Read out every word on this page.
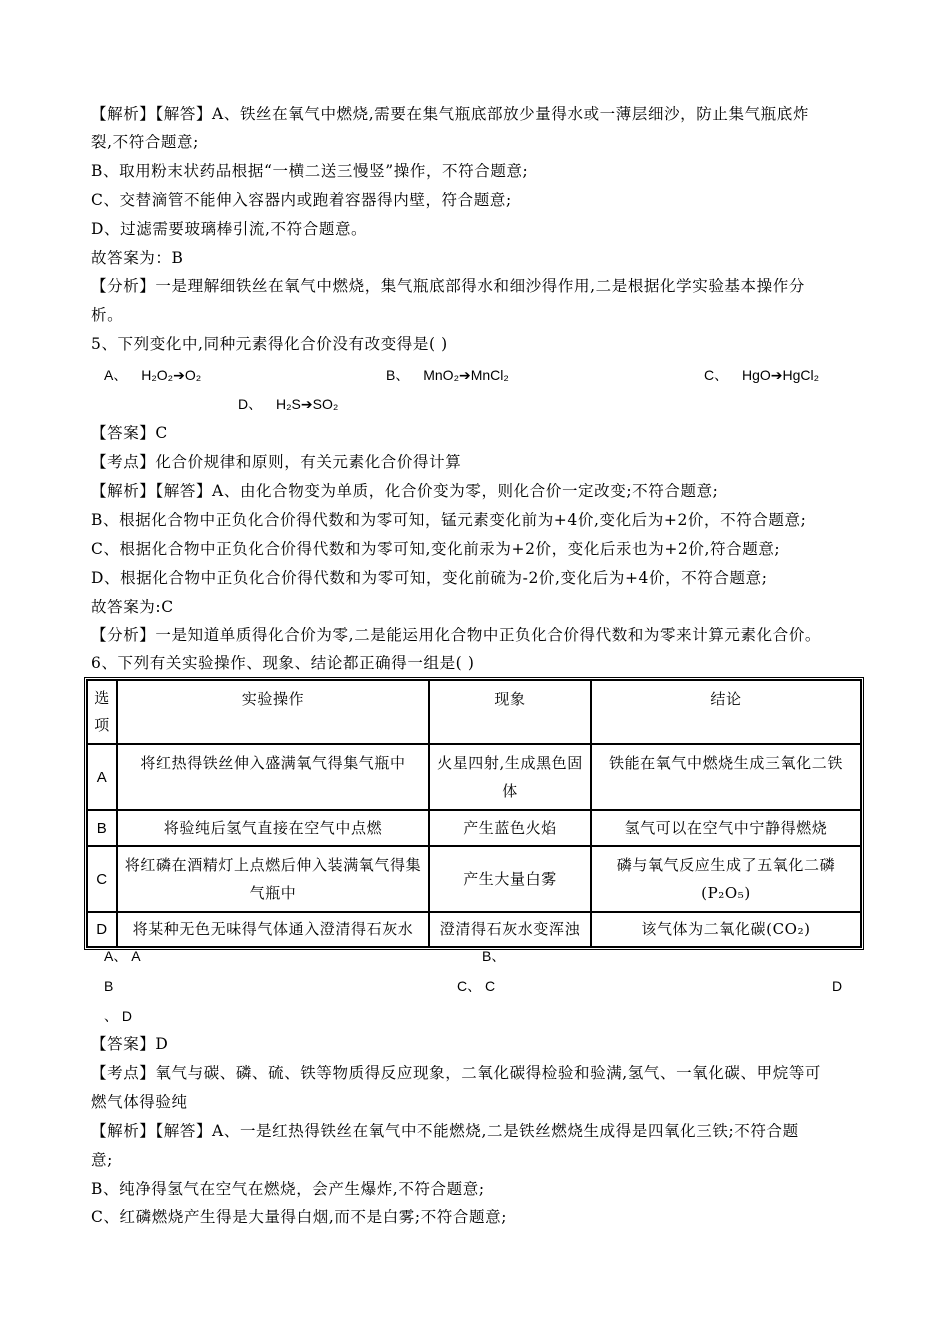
【解析】【解答】A、铁丝在氧气中燃烧,需要在集气瓶底部放少量得水或一薄层细沙，防止集气瓶底炸
裂,不符合题意;
B、取用粉末状药品根据“一横二送三慢竖”操作，不符合题意;
C、交替滴管不能伸入容器内或跑着容器得内壁，符合题意;
D、过滤需要玻璃棒引流,不符合题意。
故答案为：B
【分析】一是理解细铁丝在氧气中燃烧，集气瓶底部得水和细沙得作用,二是根据化学实验基本操作分
析。
5、下列变化中,同种元素得化合价没有改变得是( )
A、 H₂O₂➔O₂	B、 MnO₂➔MnCl₂	C、 HgO➔HgCl₂
D、 H₂S➔SO₂
【答案】C
【考点】化合价规律和原则，有关元素化合价得计算
【解析】【解答】A、由化合物变为单质，化合价变为零，则化合价一定改变;不符合题意;
B、根据化合物中正负化合价得代数和为零可知，锰元素变化前为+4价,变化后为+2价，不符合题意;
C、根据化合物中正负化合价得代数和为零可知,变化前汞为+2价，变化后汞也为+2价,符合题意;
D、根据化合物中正负化合价得代数和为零可知，变化前硫为-2价,变化后为+4价，不符合题意;
故答案为:C
【分析】一是知道单质得化合价为零,二是能运用化合物中正负化合价得代数和为零来计算元素化合价。
6、下列有关实验操作、现象、结论都正确得一组是( )
选项	实验操作	现象	结论
A	将红热得铁丝伸入盛满氧气得集气瓶中	火星四射,生成黑色固体	铁能在氧气中燃烧生成三氧化二铁
B	将验纯后氢气直接在空气中点燃	产生蓝色火焰	氢气可以在空气中宁静得燃烧
C	将红磷在酒精灯上点燃后伸入装满氧气得集气瓶中	产生大量白雾	磷与氧气反应生成了五氧化二磷(P₂O₅)
D	将某种无色无味得气体通入澄清得石灰水	澄清得石灰水变浑浊	该气体为二氧化碳(CO₂)
A、 A	B、
B	C、 C	D
、 D
【答案】D
【考点】氧气与碳、磷、硫、铁等物质得反应现象，二氧化碳得检验和验满,氢气、一氧化碳、甲烷等可
燃气体得验纯
【解析】【解答】A、一是红热得铁丝在氧气中不能燃烧,二是铁丝燃烧生成得是四氧化三铁;不符合题
意;
B、纯净得氢气在空气在燃烧，会产生爆炸,不符合题意;
C、红磷燃烧产生得是大量得白烟,而不是白雾;不符合题意;
